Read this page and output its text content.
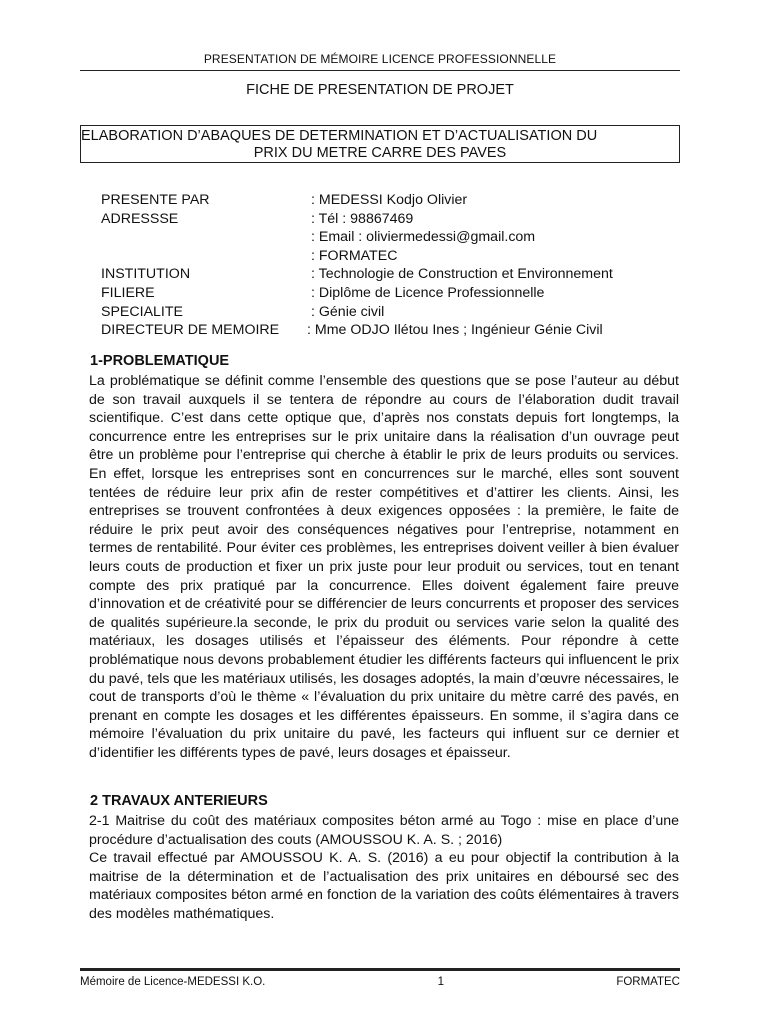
PRESENTATION DE MÉMOIRE LICENCE PROFESSIONNELLE
FICHE DE PRESENTATION DE PROJET
ELABORATION D’ABAQUES DE DETERMINATION ET D’ACTUALISATION DU
PRIX DU METRE CARRE DES PAVES
PRESENTE PAR	: MEDESSI Kodjo Olivier
ADRESSSE	: Tél : 98867469
: Email : oliviermedessi@gmail.com
: FORMATEC
INSTITUTION	: Technologie de Construction et Environnement
FILIERE	: Diplôme de Licence Professionnelle
SPECIALITE	: Génie civil
DIRECTEUR DE MEMOIRE	: Mme ODJO Ilétou Ines ; Ingénieur Génie Civil
1-PROBLEMATIQUE

La problématique se définit comme l’ensemble des questions que se pose l’auteur au début de son travail auxquels il se tentera de répondre au cours de l’élaboration dudit travail scientifique. C’est dans cette optique que, d’après nos constats depuis fort longtemps, la concurrence entre les entreprises sur le prix unitaire dans la réalisation d’un ouvrage peut être un problème pour l’entreprise qui cherche à établir le prix de leurs produits ou services. En effet, lorsque les entreprises sont en concurrences sur le marché, elles sont souvent tentées de réduire leur prix afin de rester compétitives et d’attirer les clients. Ainsi, les entreprises se trouvent confrontées à deux exigences opposées : la première, le faite de réduire le prix peut avoir des conséquences négatives pour l’entreprise, notamment en termes de rentabilité. Pour éviter ces problèmes, les entreprises doivent veiller à bien évaluer leurs couts de production et fixer un prix juste pour leur produit ou services, tout en tenant compte des prix pratiqué par la concurrence. Elles doivent également faire preuve d’innovation et de créativité pour se différencier de leurs concurrents et proposer des services de qualités supérieure.la seconde, le prix du produit ou services varie selon la qualité des matériaux, les dosages utilisés et l’épaisseur des éléments. Pour répondre à cette problématique nous devons probablement étudier les différents facteurs qui influencent le prix du pavé, tels que les matériaux utilisés, les dosages adoptés, la main d’œuvre nécessaires, le cout de transports d’où le thème « l’évaluation du prix unitaire du mètre carré des pavés, en prenant en compte les dosages et les différentes épaisseurs. En somme, il s’agira dans ce mémoire l’évaluation du prix unitaire du pavé, les facteurs qui influent sur ce dernier et d’identifier les différents types de pavé, leurs dosages et épaisseur.

2 TRAVAUX ANTERIEURS

2-1 Maitrise du coût des matériaux composites béton armé au Togo : mise en place d’une procédure d’actualisation des couts (AMOUSSOU K. A. S. ; 2016)

Ce travail effectué par AMOUSSOU K. A. S. (2016) a eu pour objectif la contribution à la maitrise de la détermination et de l’actualisation des prix unitaires en déboursé sec des matériaux composites béton armé en fonction de la variation des coûts élémentaires à travers des modèles mathématiques.

Mémoire de Licence-MEDESSI K.O.	1	FORMATEC
